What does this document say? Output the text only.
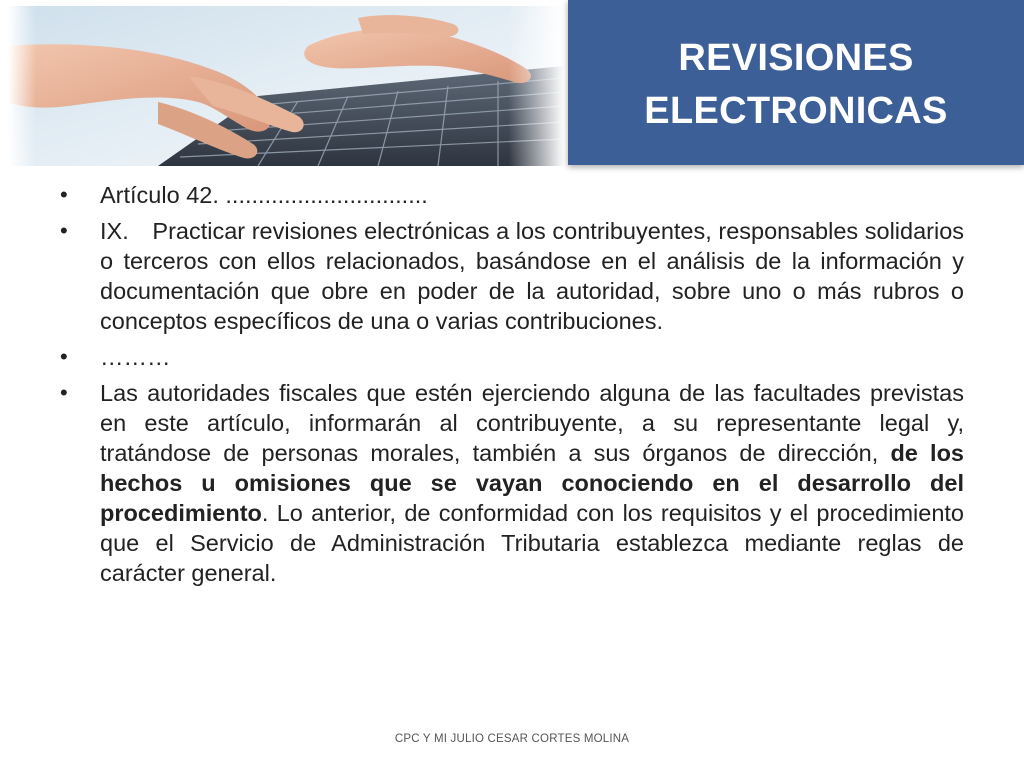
REVISIONES
ELECTRONICAS
•	Artículo 42. ...............................
•	IX.	Practicar revisiones electrónicas a los contribuyentes, responsables solidarios o terceros con ellos relacionados, basándose en el análisis de la información y documentación que obre en poder de la autoridad, sobre uno o más rubros o conceptos específicos de una o varias contribuciones.
•	………
•	Las autoridades fiscales que estén ejerciendo alguna de las facultades previstas en este artículo, informarán al contribuyente, a su representante legal y, tratándose de personas morales, también a sus órganos de dirección, de los hechos u omisiones que se vayan conociendo en el desarrollo del procedimiento. Lo anterior, de conformidad con los requisitos y el procedimiento que el Servicio de Administración Tributaria establezca mediante reglas de carácter general.
CPC Y MI JULIO CESAR CORTES MOLINA
